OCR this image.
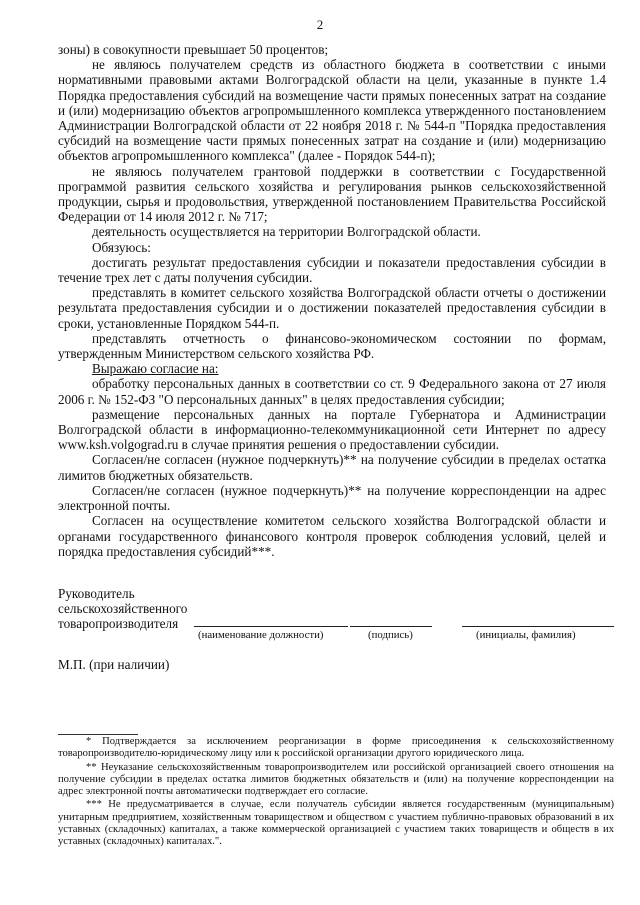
2

зоны) в совокупности превышает 50 процентов;

не являюсь получателем средств из областного бюджета в соответствии с иными нормативными правовыми актами Волгоградской области на цели, указанные в пункте 1.4 Порядка предоставления субсидий на возмещение части прямых понесенных затрат на создание и (или) модернизацию объектов агропромышленного комплекса утвержденного постановлением Администрации Волгоградской области от 22 ноября 2018 г. № 544-п "Порядка предоставления субсидий на возмещение части прямых понесенных затрат на создание и (или) модернизацию объектов агропромышленного комплекса" (далее - Порядок 544-п);

не являюсь получателем грантовой поддержки в соответствии с Государственной программой развития сельского хозяйства и регулирования рынков сельскохозяйственной продукции, сырья и продовольствия, утвержденной постановлением Правительства Российской Федерации от 14 июля 2012 г. № 717;

деятельность осуществляется на территории Волгоградской области.

Обязуюсь:

достигать результат предоставления субсидии и показатели предоставления субсидии в течение трех лет с даты получения субсидии.

представлять в комитет сельского хозяйства Волгоградской области отчеты о достижении результата предоставления субсидии и о достижении показателей предоставления субсидии в сроки, установленные Порядком 544-п.

представлять отчетность о финансово-экономическом состоянии по формам, утвержденным Министерством сельского хозяйства РФ.

Выражаю согласие на:

обработку персональных данных в соответствии со ст. 9 Федерального закона от 27 июля 2006 г. № 152-ФЗ "О персональных данных" в целях предоставления субсидии;

размещение персональных данных на портале Губернатора и Администрации Волгоградской области в информационно-телекоммуникационной сети Интернет по адресу www.ksh.volgograd.ru в случае принятия решения о предоставлении субсидии.

Согласен/не согласен (нужное подчеркнуть)** на получение субсидии в пределах остатка лимитов бюджетных обязательств.

Согласен/не согласен (нужное подчеркнуть)** на получение корреспонденции на адрес электронной почты.

Согласен на осуществление комитетом сельского хозяйства Волгоградской области и органами государственного финансового контроля проверок соблюдения условий, целей и порядка предоставления субсидий***.

Руководитель
сельскохозяйственного
товаропроизводителя
(наименование должности)	(подпись)	(инициалы, фамилия)
М.П. (при наличии)

* Подтверждается за исключением реорганизации в форме присоединения к сельскохозяйственному товаропроизводителю-юридическому лицу или к российской организации другого юридического лица.

** Неуказание сельскохозяйственным товаропроизводителем или российской организацией своего отношения на получение субсидии в пределах остатка лимитов бюджетных обязательств и (или) на получение корреспонденции на адрес электронной почты автоматически подтверждает его согласие.

*** Не предусматривается в случае, если получатель субсидии является государственным (муниципальным) унитарным предприятием, хозяйственным товариществом и обществом с участием публично-правовых образований в их уставных (складочных) капиталах, а также коммерческой организацией с участием таких товариществ и обществ в их уставных (складочных) капиталах.".
